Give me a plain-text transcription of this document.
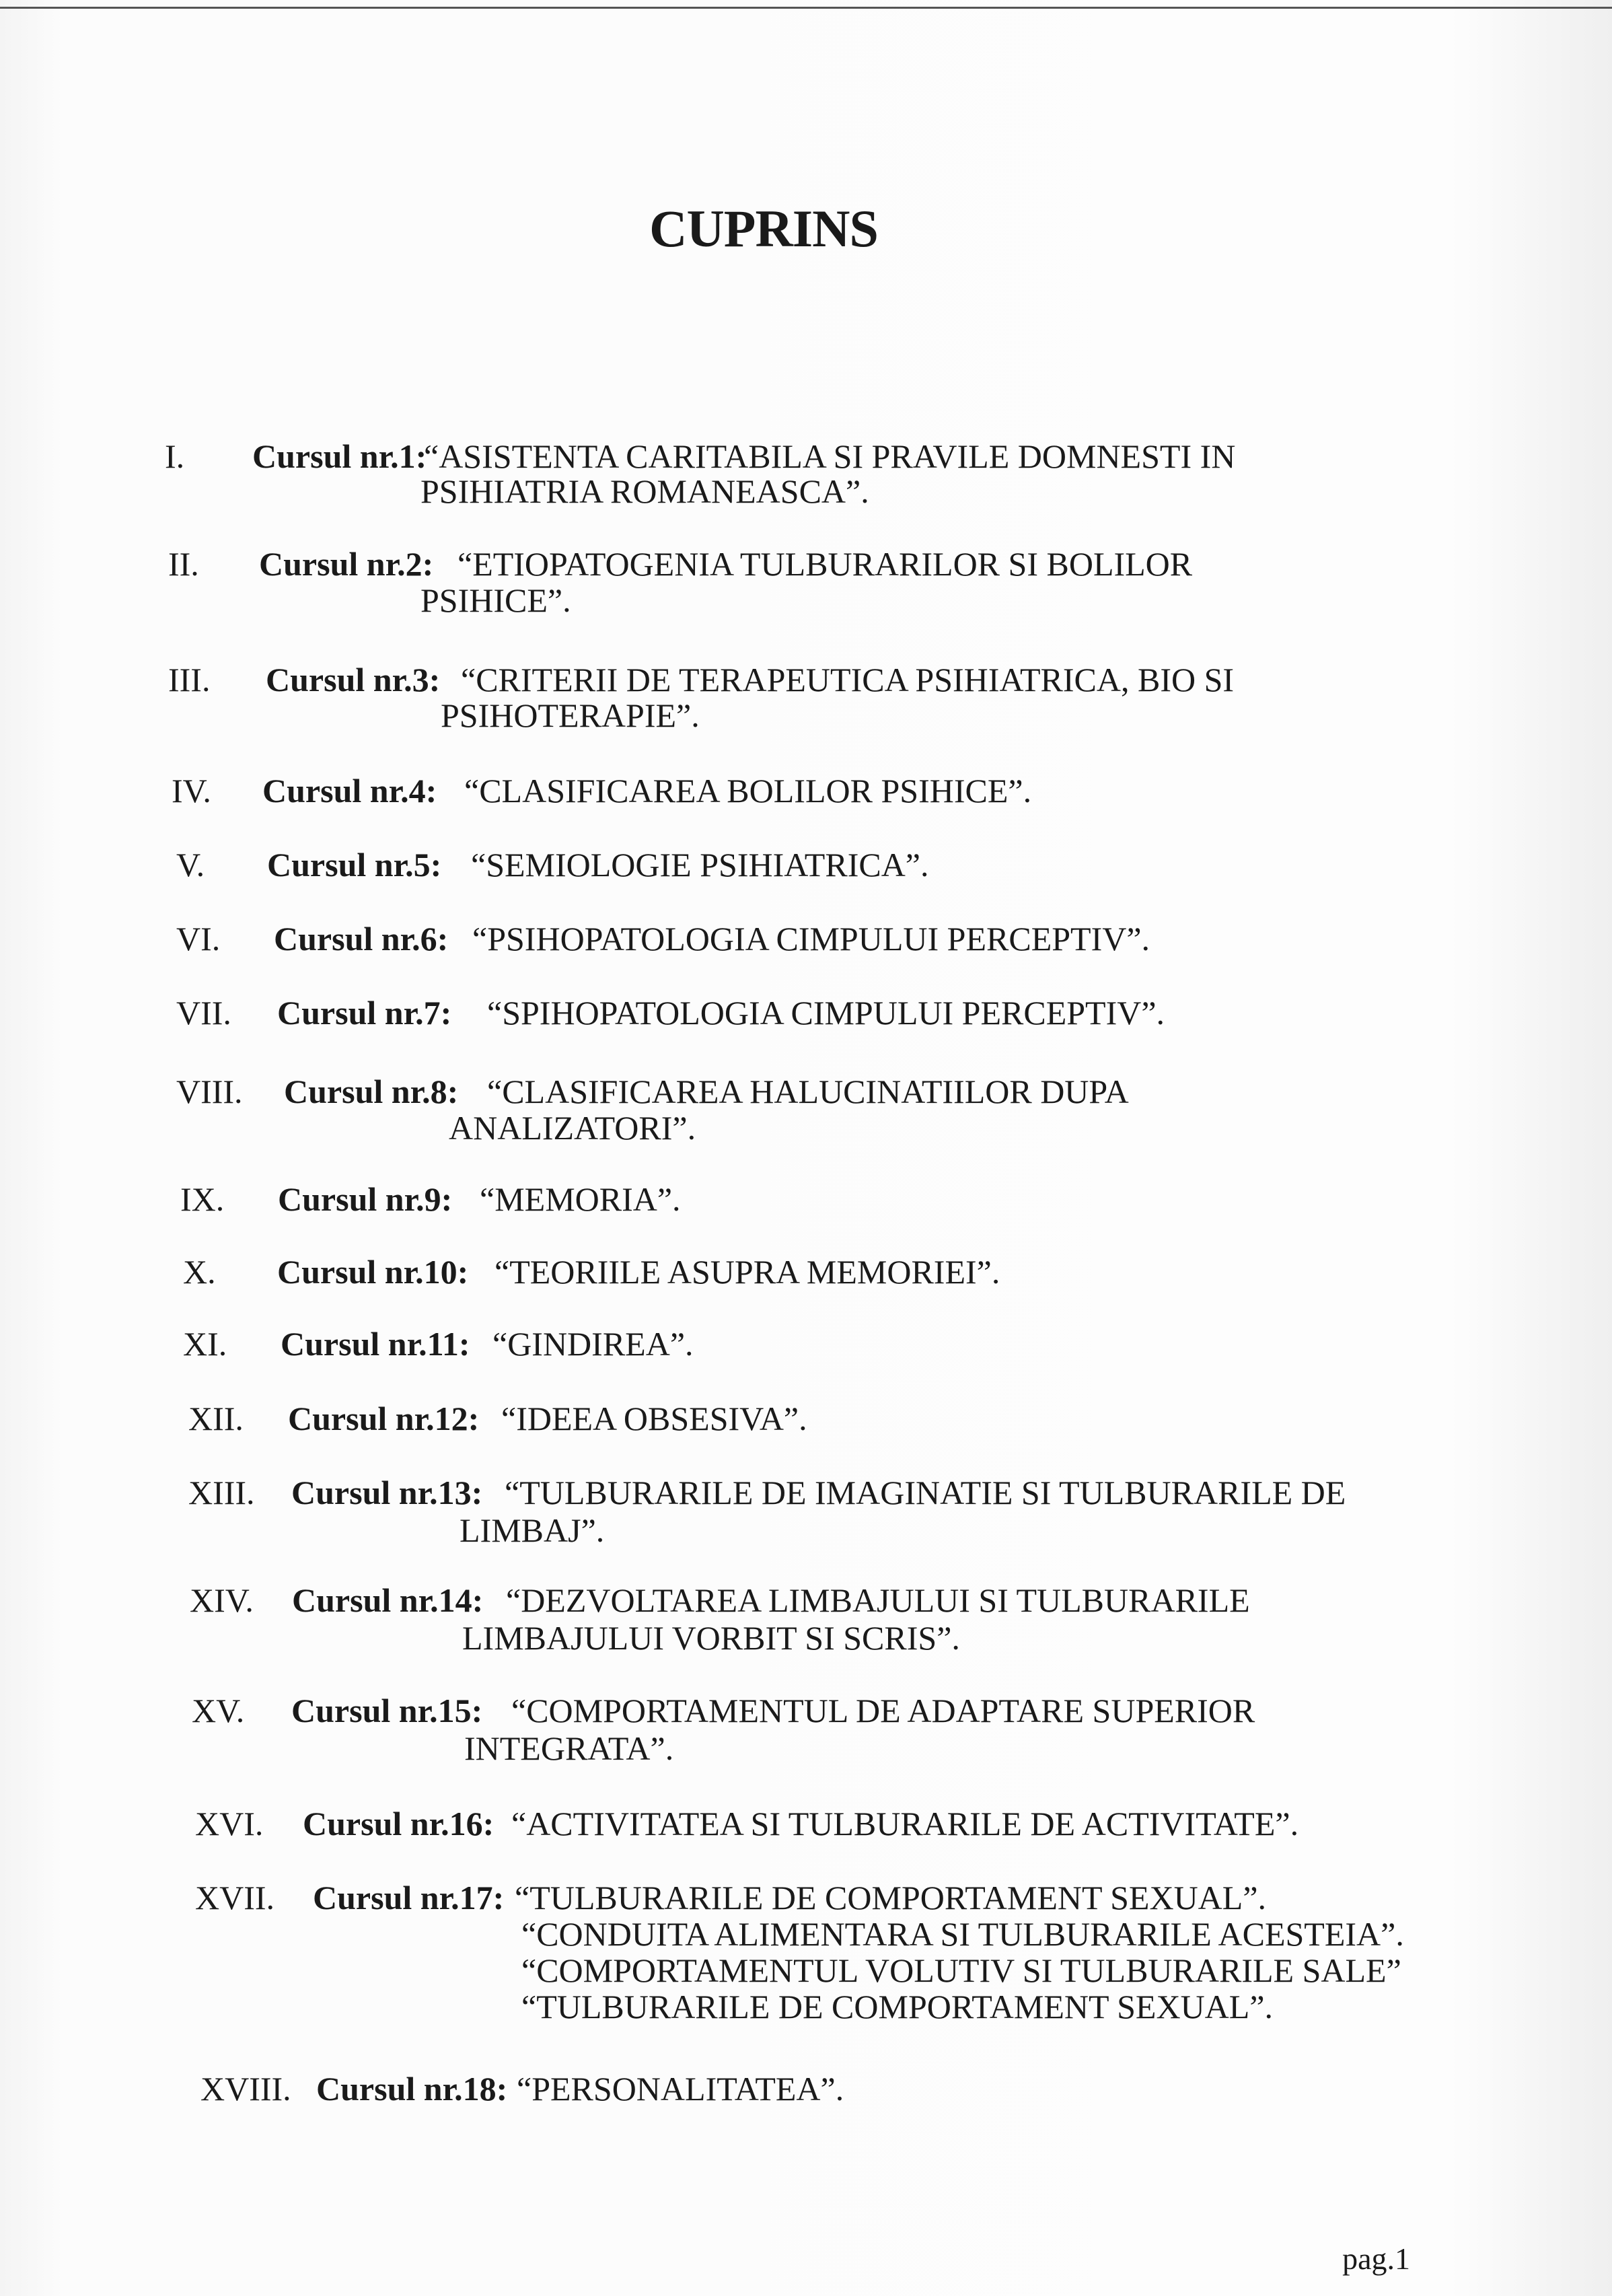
CUPRINS
I. Cursul nr.1:
“ASISTENTA CARITABILA SI PRAVILE DOMNESTI IN
PSIHIATRIA ROMANEASCA”.
II. Cursul nr.2: “ETIOPATOGENIA TULBURARILOR SI BOLILOR
PSIHICE”.
III. Cursul nr.3: “CRITERII DE TERAPEUTICA PSIHIATRICA, BIO SI
PSIHOTERAPIE”.
IV. Cursul nr.4: “CLASIFICAREA BOLILOR PSIHICE”.
V. Cursul nr.5: “SEMIOLOGIE PSIHIATRICA”.
VI. Cursul nr.6: “PSIHOPATOLOGIA CIMPULUI PERCEPTIV”.
VII. Cursul nr.7: “SPIHOPATOLOGIA CIMPULUI PERCEPTIV”.
VIII. Cursul nr.8: “CLASIFICAREA HALUCINATIILOR DUPA
ANALIZATORI”.
IX. Cursul nr.9: “MEMORIA”.
X. Cursul nr.10: “TEORIILE ASUPRA MEMORIEI”.
XI. Cursul nr.11: “GINDIREA”.
XII. Cursul nr.12: “IDEEA OBSESIVA”.
XIII. Cursul nr.13: “TULBURARILE DE IMAGINATIE SI TULBURARILE DE
LIMBAJ”.
XIV. Cursul nr.14: “DEZVOLTAREA LIMBAJULUI SI TULBURARILE
LIMBAJULUI VORBIT SI SCRIS”.
XV. Cursul nr.15: “COMPORTAMENTUL DE ADAPTARE SUPERIOR
INTEGRATA”.
XVI. Cursul nr.16: “ACTIVITATEA SI TULBURARILE DE ACTIVITATE”.
XVII. Cursul nr.17: “TULBURARILE DE COMPORTAMENT SEXUAL”.
“CONDUITA ALIMENTARA SI TULBURARILE ACESTEIA”.
“COMPORTAMENTUL VOLUTIV SI TULBURARILE SALE”
“TULBURARILE DE COMPORTAMENT SEXUAL”.
XVIII. Cursul nr.18: “PERSONALITATEA”.
pag.1
